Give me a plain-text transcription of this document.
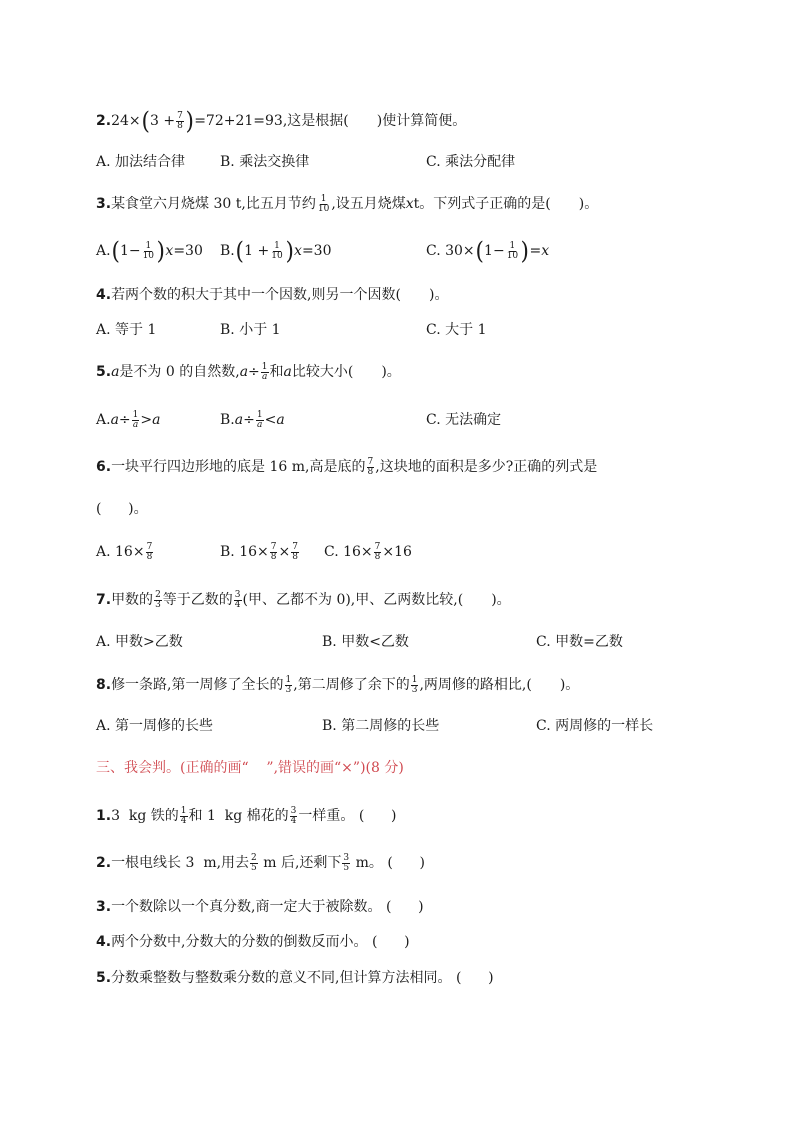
2. 24× ( $3 + \frac{7}{8}$ ) =72+21=93,这是根据( )使计算简便。
A. 加法结合律 B. 乘法交换律	C. 乘法分配律
3. 某食堂六月烧煤 30 t,比五月节约 $\frac{1}{10}$ ,设五月烧煤 x t。下列式子正确的是( )。
A. ( $1- \frac{1}{10}$ ) x =30 B. ( $1 + \frac{1}{10}$ ) x =30	C. 30× ( $1- \frac{1}{10}$ ) = x
4. 若两个数的积大于其中一个因数,则另一个因数( )。
A. 等于 1	B. 小于 1	C. 大于 1
5. a 是不为 0 的自然数, $a \div \frac{1}{a}$ 和 a 比较大小( )。
A. $a \div \frac{1}{a} > a$	B. $a \div \frac{1}{a} < a$	C. 无法确定
6. 一块平行四边形地的底是 16 m,高是底的 $\frac{7}{8}$ ,这块地的面积是多少?正确的列式是
(      )。
A. $16\times \frac{7}{8}$	B. $16\times \frac{7}{8} \times \frac{7}{8} C$. $16\times \frac{7}{8} \times 16$
7. 甲数的 $\frac{2}{3}$ 等于乙数的 $\frac{3}{4}$ (甲、乙都不为 0),甲、乙两数比较,( )。
A. 甲数>乙数	B. 甲数<乙数	C. 甲数=乙数
8. 修一条路,第一周修了全长的 $\frac{1}{3}$ ,第二周修了余下的 $\frac{1}{3}$ ,两周修的路相比,( )。
A. 第一周修的长些	B. 第二周修的长些	C. 两周修的一样长
三、我会判。(正确的画“    ”,错误的画“×”)(8 分)
1. 3  kg 铁的 $\frac{1}{4}$ 和 1  kg 棉花的 $\frac{3}{4}$ 一样重。 (      )
2. 一根电线长 3  m,用去 $\frac{2}{5}$ m 后,还剩下 $\frac{3}{5}$ m。 (      )
3. 一个数除以一个真分数,商一定大于被除数。 (      )
4. 两个分数中,分数大的分数的倒数反而小。 (      )
5. 分数乘整数与整数乘分数的意义不同,但计算方法相同。 (      )
